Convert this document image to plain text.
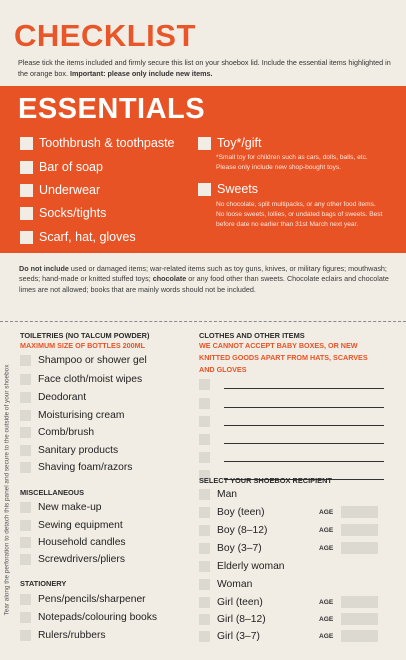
CHECKLIST
Please tick the items included and firmly secure this list on your shoebox lid. Include the essential items highlighted in the orange box. Important: please only include new items.
ESSENTIALS
Toothbrush & toothpaste
Bar of soap
Underwear
Socks/tights
Scarf, hat, gloves
Toy*/gift
*Small toy for children such as cars, dolls, balls, etc. Please only include new shop-bought toys.
Sweets
No chocolate, split multipacks, or any other food items. No loose sweets, lollies, or undated bags of sweets. Best before date no earlier than 31st March next year.
Do not include used or damaged items; war-related items such as toy guns, knives, or military figures; mouthwash; seeds; hand-made or knitted stuffed toys; chocolate or any food other than sweets. Chocolate eclairs and chocolate limes are not allowed; books that are mainly words should not be included.
Tear along the perforation to detach this panel and secure to the outside of your shoebox
TOILETRIES (NO TALCUM POWDER)
MAXIMUM SIZE OF BOTTLES 200ML
Shampoo or shower gel
Face cloth/moist wipes
Deodorant
Moisturising cream
Comb/brush
Sanitary products
Shaving foam/razors
MISCELLANEOUS
New make-up
Sewing equipment
Household candles
Screwdrivers/pliers
STATIONERY
Pens/pencils/sharpener
Notepads/colouring books
Rulers/rubbers
CLOTHES AND OTHER ITEMS
WE CANNOT ACCEPT BABY BOXES, OR NEW
KNITTED GOODS APART FROM HATS, SCARVES
AND GLOVES
SELECT YOUR SHOEBOX RECIPIENT
Man
Boy (teen)	AGE
Boy (8–12)	AGE
Boy (3–7)	AGE
Elderly woman
Woman
Girl (teen)	AGE
Girl (8–12)	AGE
Girl (3–7)	AGE
